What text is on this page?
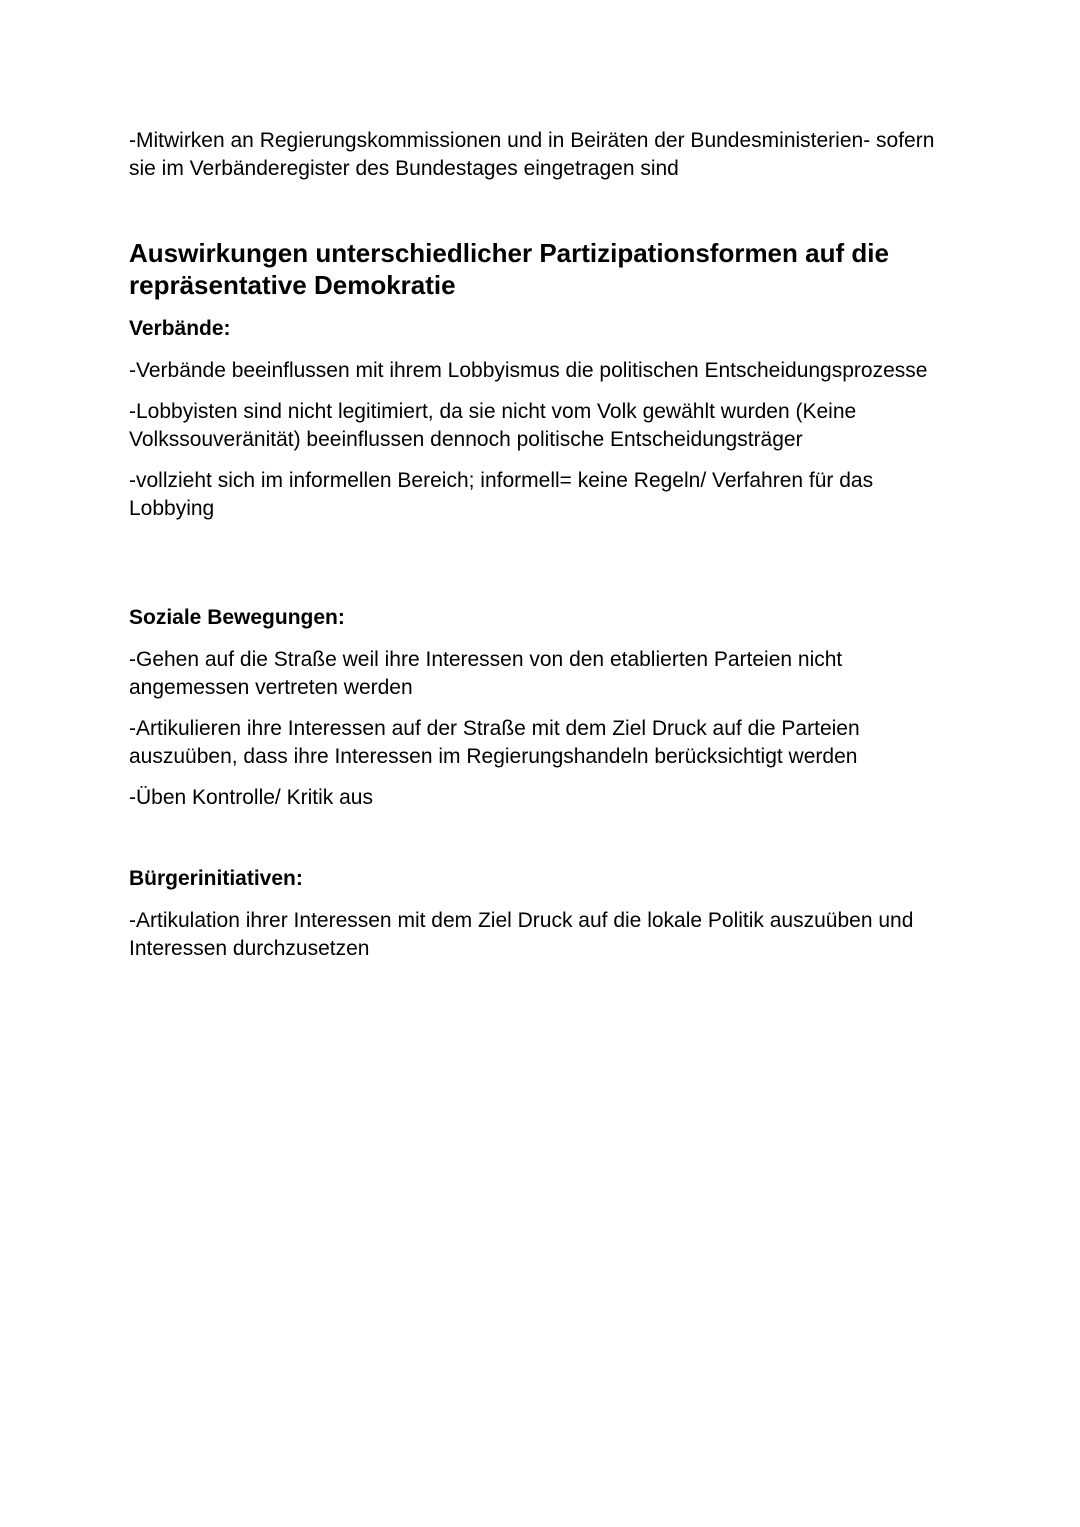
-Mitwirken an Regierungskommissionen und in Beiräten der Bundesministerien- sofern sie im Verbänderegister des Bundestages eingetragen sind

Auswirkungen unterschiedlicher Partizipationsformen auf die repräsentative Demokratie

Verbände:

-Verbände beeinflussen mit ihrem Lobbyismus die politischen Entscheidungsprozesse

-Lobbyisten sind nicht legitimiert, da sie nicht vom Volk gewählt wurden (Keine Volkssouveränität) beeinflussen dennoch politische Entscheidungsträger

-vollzieht sich im informellen Bereich; informell= keine Regeln/ Verfahren für das Lobbying

Soziale Bewegungen:

-Gehen auf die Straße weil ihre Interessen von den etablierten Parteien nicht angemessen vertreten werden

-Artikulieren ihre Interessen auf der Straße mit dem Ziel Druck auf die Parteien auszuüben, dass ihre Interessen im Regierungshandeln berücksichtigt werden

-Üben Kontrolle/ Kritik aus

Bürgerinitiativen:

-Artikulation ihrer Interessen mit dem Ziel Druck auf die lokale Politik auszuüben und Interessen durchzusetzen
